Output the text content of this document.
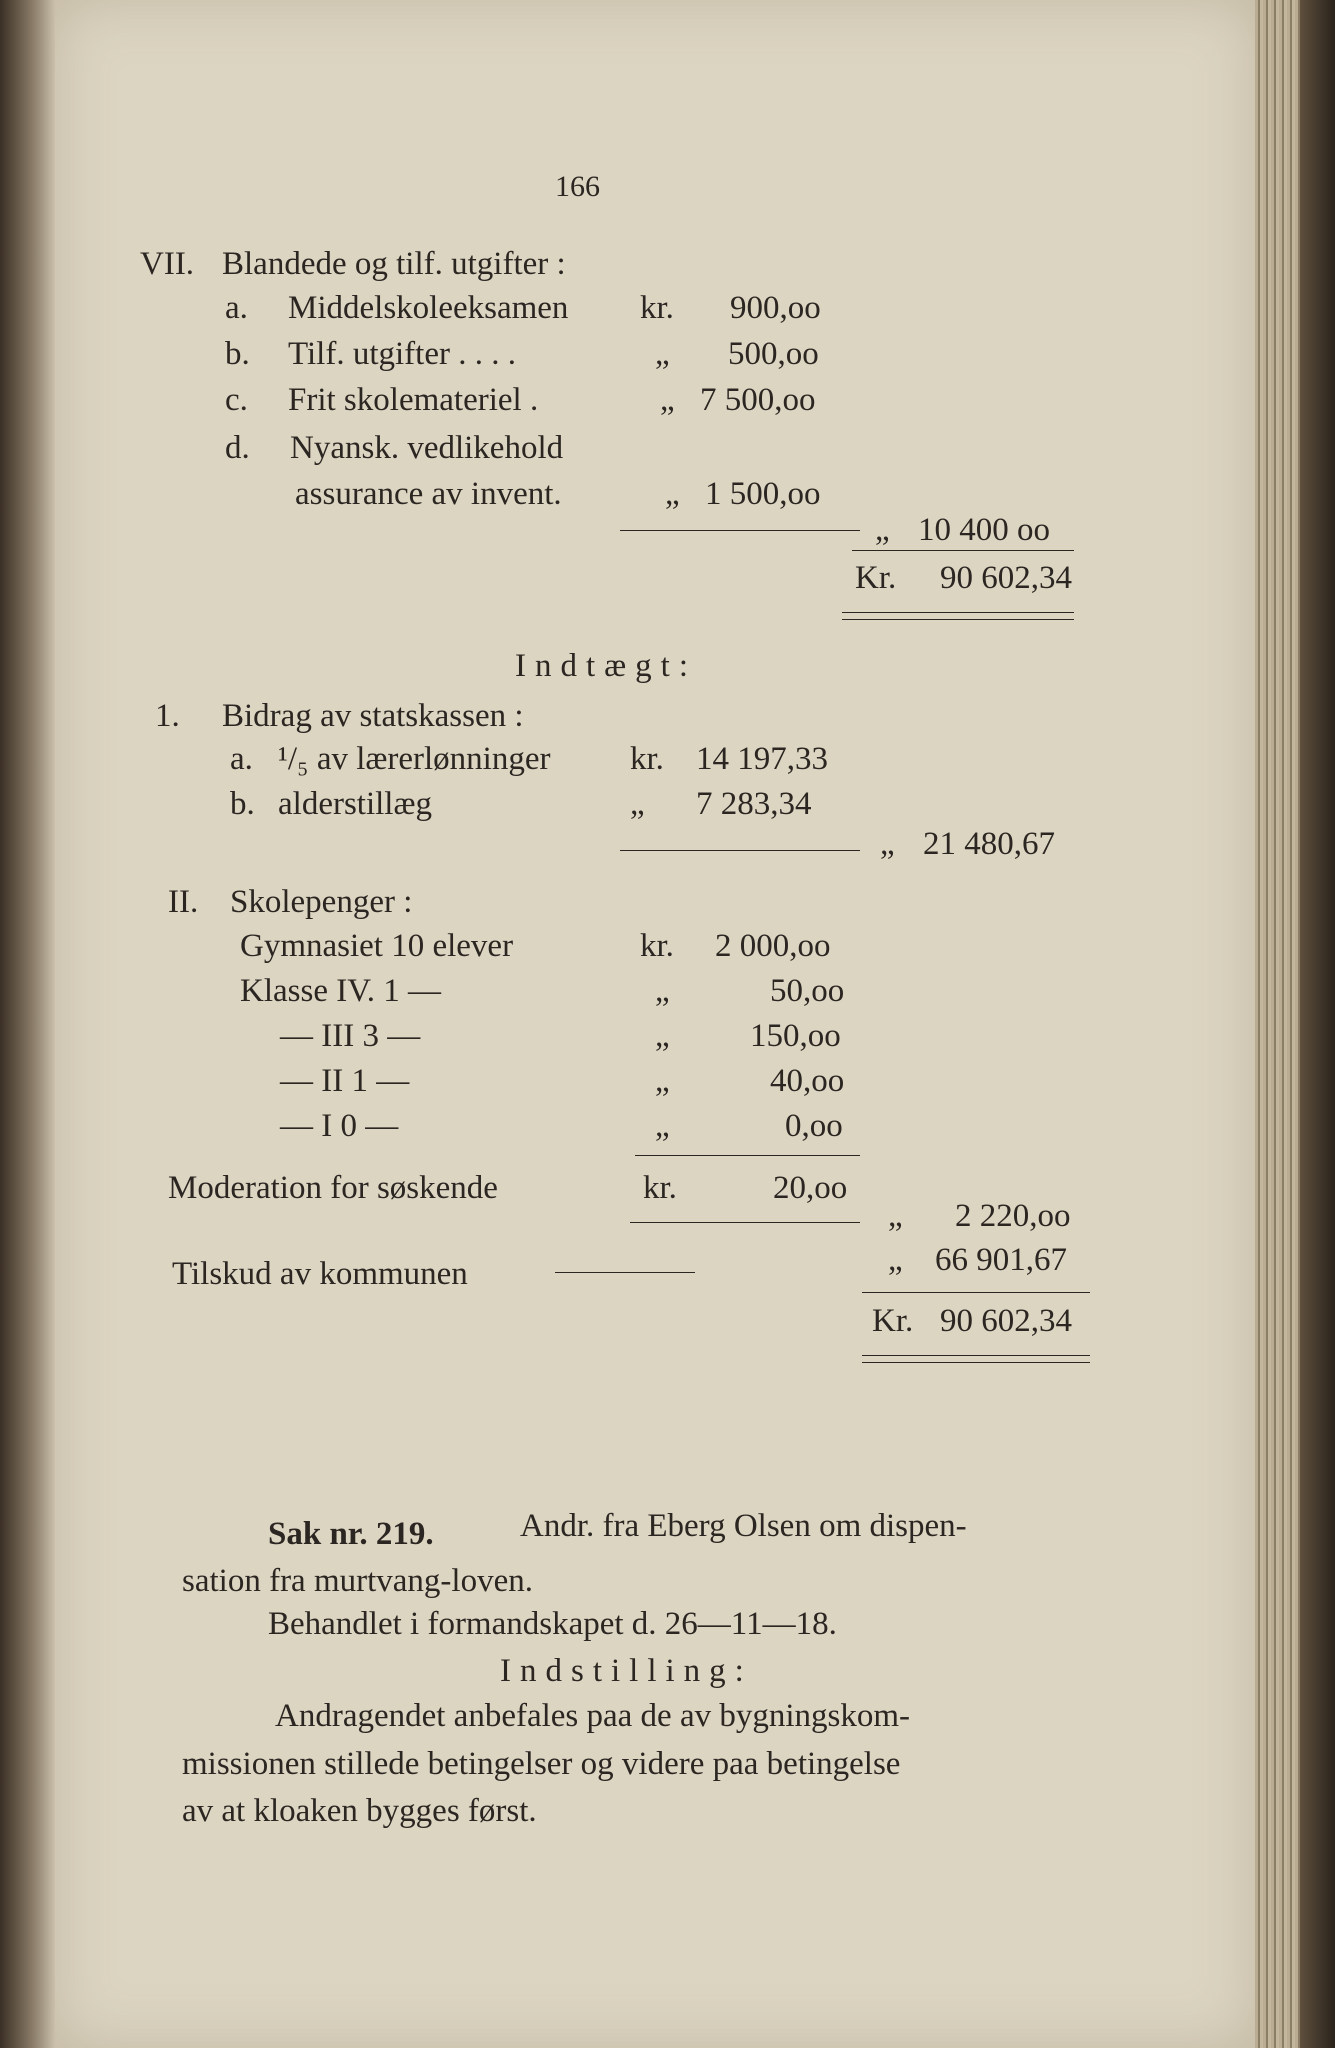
166
VII. Blandede og tilf. utgifter :
a. Middelskoleeksamen kr. 900,oo
b. Tilf. utgifter . . . .	„ 500,oo
c. Frit skolemateriel .	„ 7 500,oo
d. Nyansk. vedlikehold
assurance av invent.	„ 1 500,oo
„ 10 400 oo
Kr. 90 602,34
Indtægt:
1. Bidrag av statskassen :
a. ¹/₅ av lærerlønninger kr. 14 197,33
b. alderstillæg	„ 7 283,34
„ 21 480,67
II. Skolepenger :
Gymnasiet 10 elever	kr. 2 000,oo
Klasse IV. 1 —	„	50,oo
— III 3 —	„ 150,oo
— II 1 —	„	40,oo
— I 0 —	„	0,oo
Moderation for søskende	kr.	20,oo
„ 2 220,oo
Tilskud av kommunen	„ 66 901,67
Kr. 90 602,34
Sak nr. 219.	Andr. fra Eberg Olsen om dispen-
sation fra murtvang-loven.
Behandlet i formandskapet d. 26—11—18.
Indstilling:
Andragendet anbefales paa de av bygningskom-
missionen stillede betingelser og videre paa betingelse
av at kloaken bygges først.
